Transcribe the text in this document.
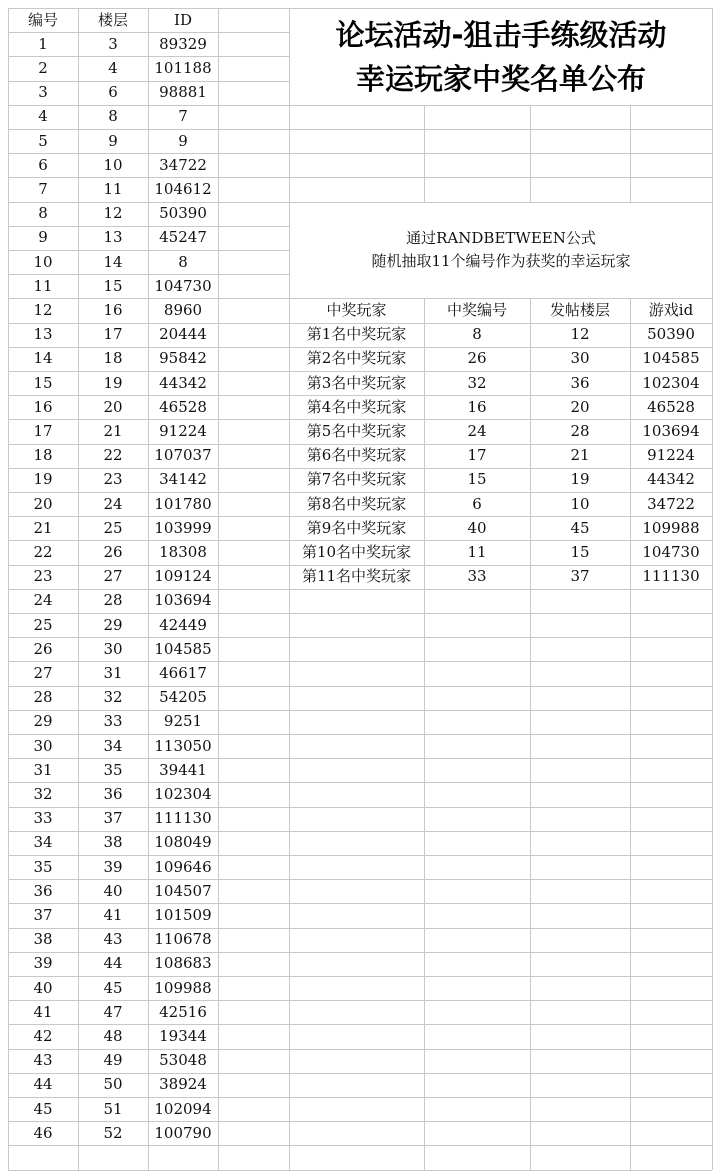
编号	楼层	ID
1	3	89329
2	4	101188
3	6	98881
4	8	7
5	9	9
6	10	34722
7	11	104612
8	12	50390
9	13	45247
10	14	8
11	15	104730
12	16	8960
13	17	20444
14	18	95842
15	19	44342
16	20	46528
17	21	91224
18	22	107037
19	23	34142
20	24	101780
21	25	103999
22	26	18308
23	27	109124
24	28	103694
25	29	42449
26	30	104585
27	31	46617
28	32	54205
29	33	9251
30	34	113050
31	35	39441
32	36	102304
33	37	111130
34	38	108049
35	39	109646
36	40	104507
37	41	101509
38	43	110678
39	44	108683
40	45	109988
41	47	42516
42	48	19344
43	49	53048
44	50	38924
45	51	102094
46	52	100790
中奖玩家	中奖编号	发帖楼层	游戏id
第1名中奖玩家	8	12	50390
第2名中奖玩家	26	30	104585
第3名中奖玩家	32	36	102304
第4名中奖玩家	16	20	46528
第5名中奖玩家	24	28	103694
第6名中奖玩家	17	21	91224
第7名中奖玩家	15	19	44342
第8名中奖玩家	6	10	34722
第9名中奖玩家	40	45	109988
第10名中奖玩家	11	15	104730
第11名中奖玩家	33	37	111130
论坛活动-狙击手练级活动
幸运玩家中奖名单公布
通过RANDBETWEEN公式
随机抽取11个编号作为获奖的幸运玩家
